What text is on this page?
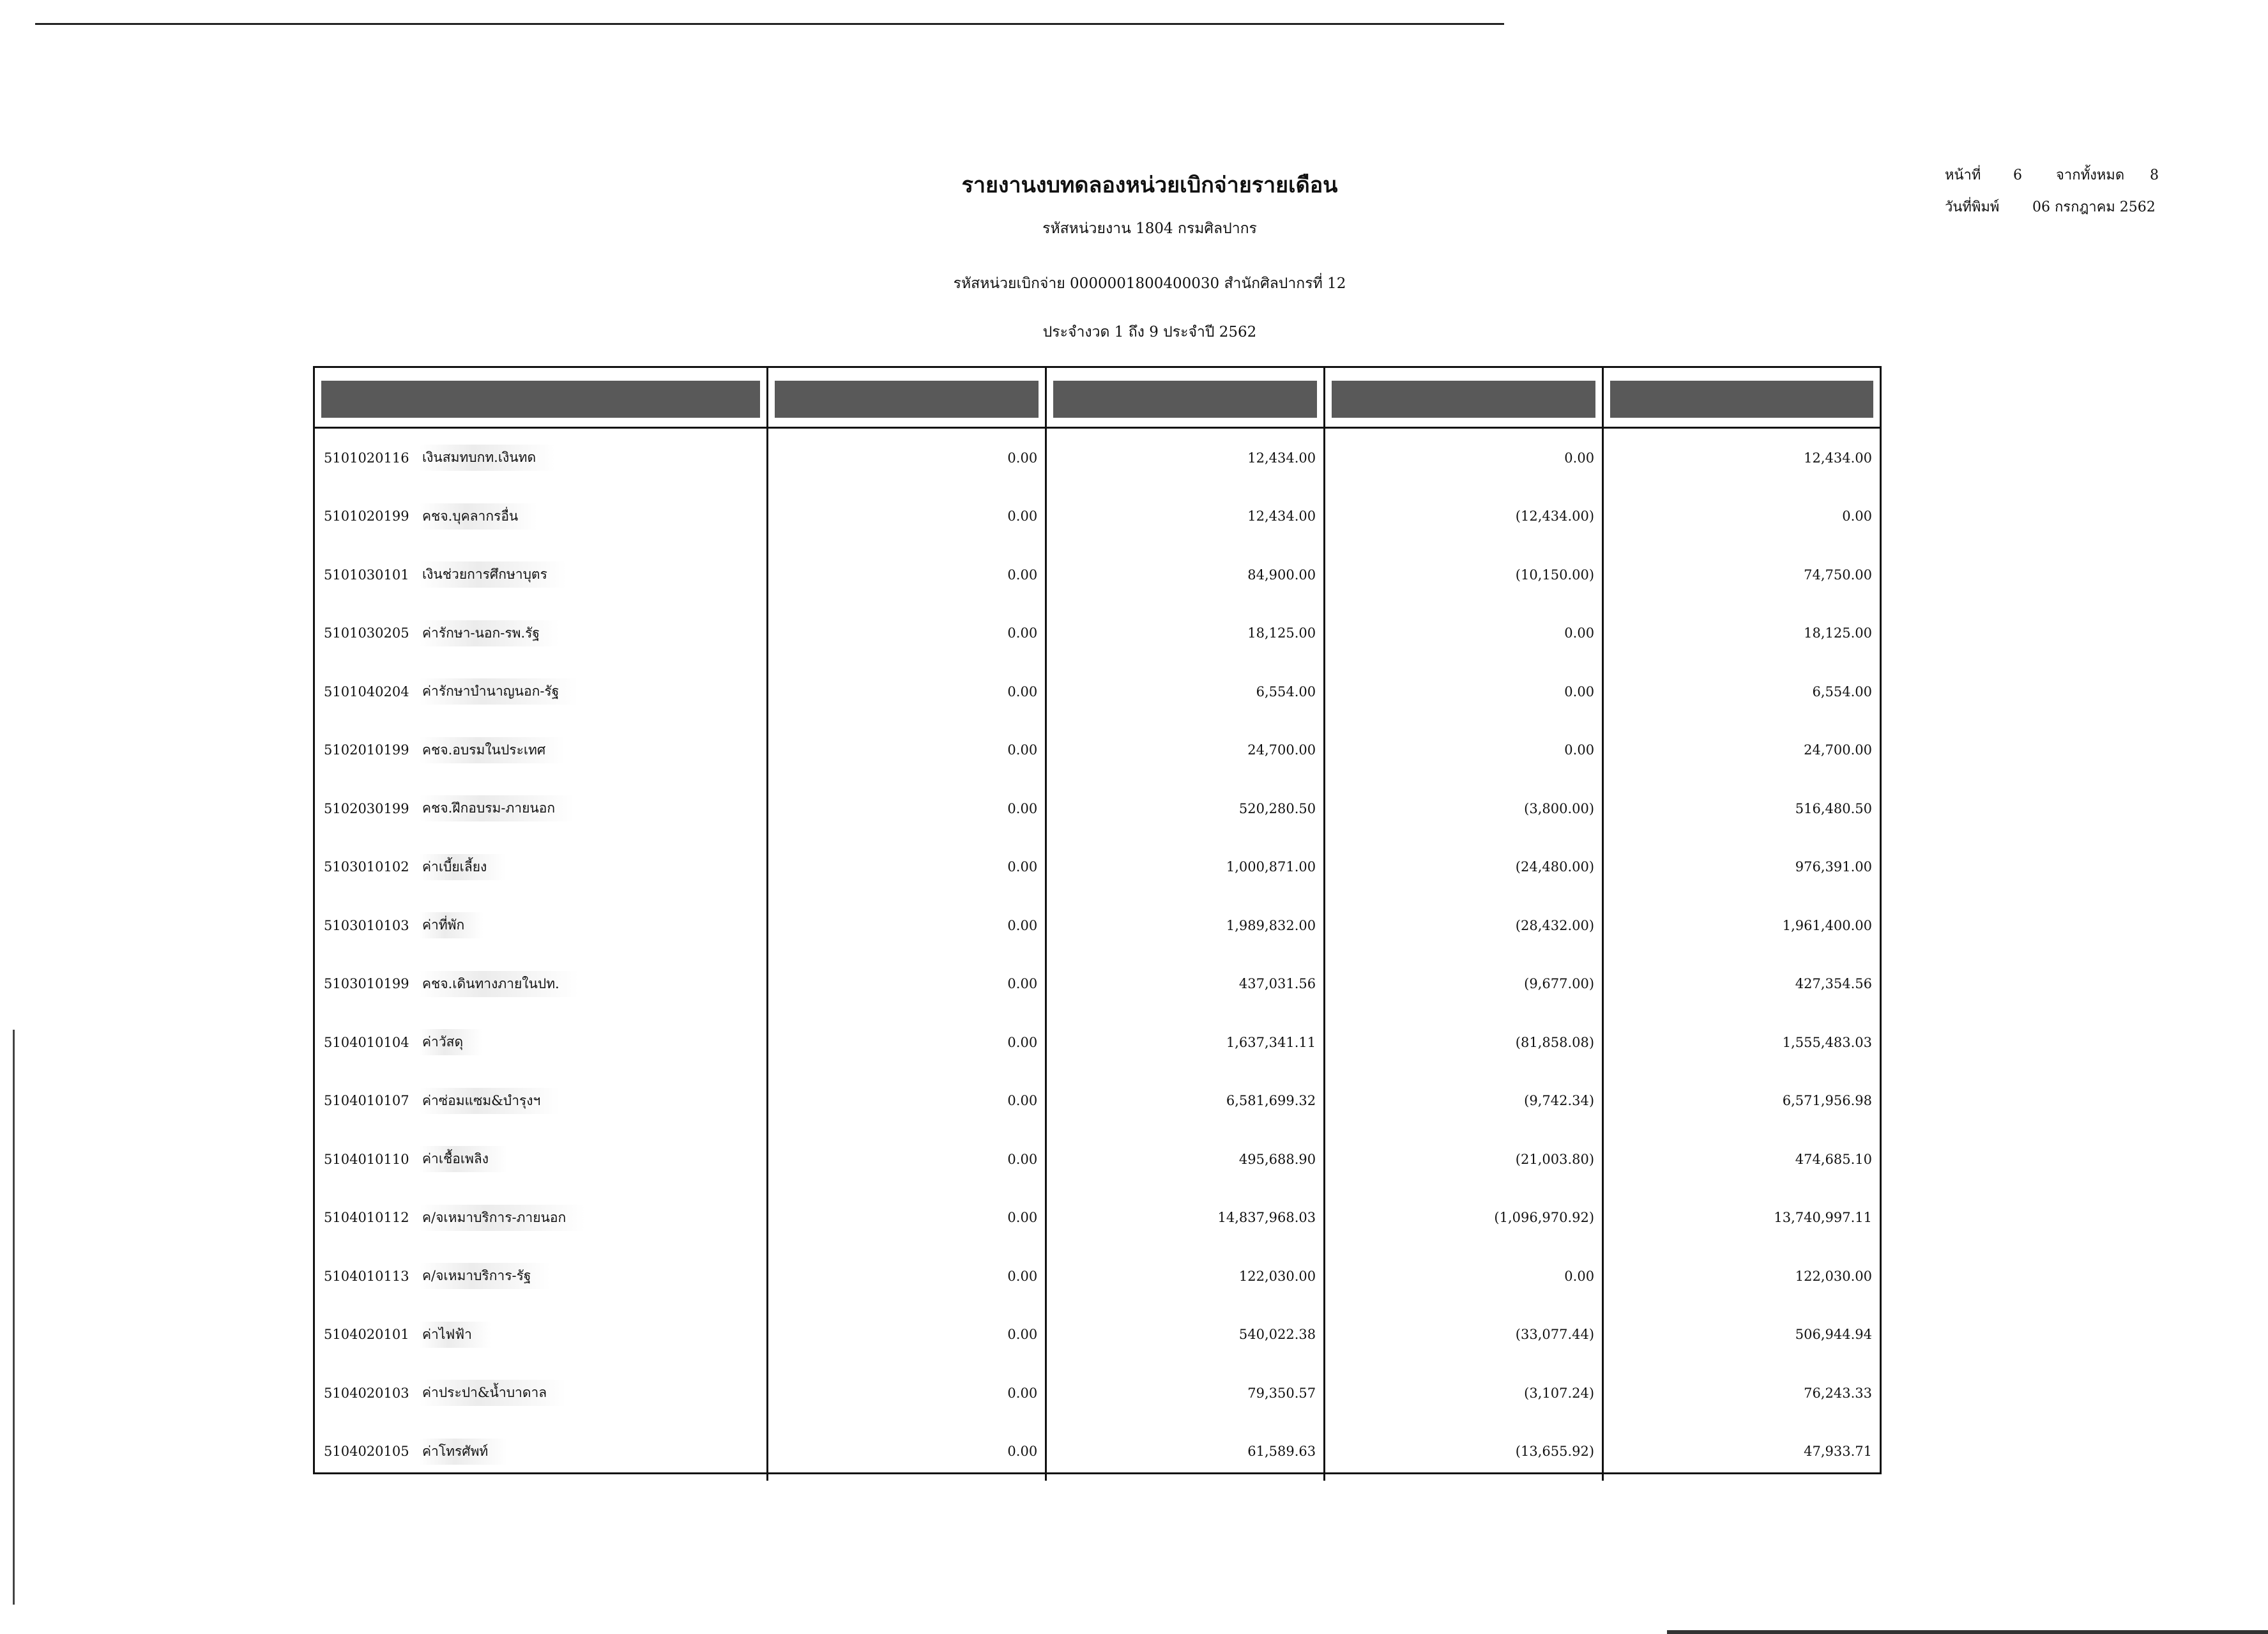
รายงานงบทดลองหน่วยเบิกจ่ายรายเดือน
รหัสหน่วยงาน 1804 กรมศิลปากร
รหัสหน่วยเบิกจ่าย 0000001800400030 สำนักศิลปากรที่ 12
ประจำงวด 1 ถึง 9 ประจำปี 2562
หน้าที่ 6 จากทั้งหมด 8
วันที่พิมพ์ 06 กรกฎาคม 2562
5101020116 เงินสมทบกท.เงินทด	0.00	12,434.00	0.00	12,434.00
5101020199 คชจ.บุคลากรอื่น	0.00	12,434.00	(12,434.00)	0.00
5101030101 เงินช่วยการศึกษาบุตร	0.00	84,900.00	(10,150.00)	74,750.00
5101030205 ค่ารักษา-นอก-รพ.รัฐ	0.00	18,125.00	0.00	18,125.00
5101040204 ค่ารักษาบำนาญนอก-รัฐ	0.00	6,554.00	0.00	6,554.00
5102010199 คชจ.อบรมในประเทศ	0.00	24,700.00	0.00	24,700.00
5102030199 คชจ.ฝึกอบรม-ภายนอก	0.00	520,280.50	(3,800.00)	516,480.50
5103010102 ค่าเบี้ยเลี้ยง	0.00	1,000,871.00	(24,480.00)	976,391.00
5103010103 ค่าที่พัก	0.00	1,989,832.00	(28,432.00)	1,961,400.00
5103010199 คชจ.เดินทางภายในปท.	0.00	437,031.56	(9,677.00)	427,354.56
5104010104 ค่าวัสดุ	0.00	1,637,341.11	(81,858.08)	1,555,483.03
5104010107 ค่าซ่อมแซม&บำรุงฯ	0.00	6,581,699.32	(9,742.34)	6,571,956.98
5104010110 ค่าเชื้อเพลิง	0.00	495,688.90	(21,003.80)	474,685.10
5104010112 ค/จเหมาบริการ-ภายนอก	0.00	14,837,968.03	(1,096,970.92)	13,740,997.11
5104010113 ค/จเหมาบริการ-รัฐ	0.00	122,030.00	0.00	122,030.00
5104020101 ค่าไฟฟ้า	0.00	540,022.38	(33,077.44)	506,944.94
5104020103 ค่าประปา&น้ำบาดาล	0.00	79,350.57	(3,107.24)	76,243.33
5104020105 ค่าโทรศัพท์	0.00	61,589.63	(13,655.92)	47,933.71
